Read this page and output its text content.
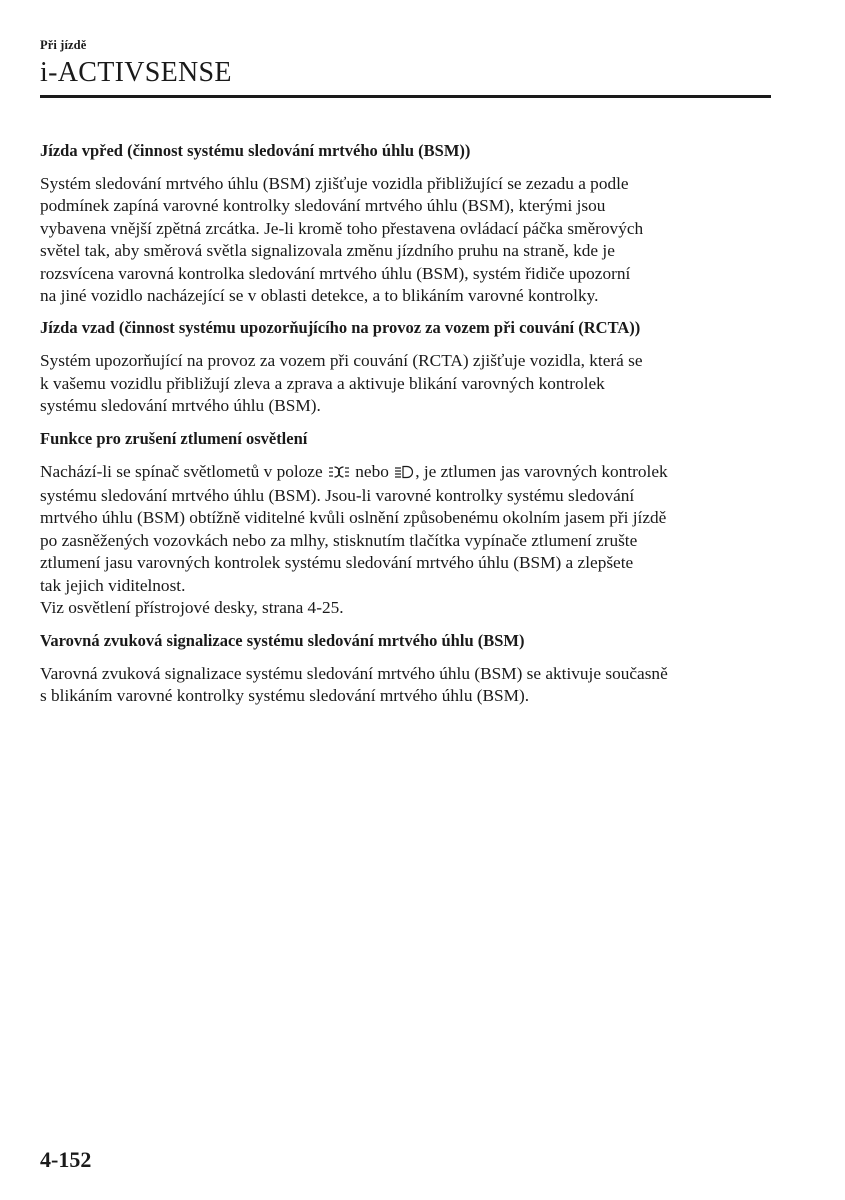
Při jízdě
i-ACTIVSENSE
Jízda vpřed (činnost systému sledování mrtvého úhlu (BSM))
Systém sledování mrtvého úhlu (BSM) zjišťuje vozidla přibližující se zezadu a podle
podmínek zapíná varovné kontrolky sledování mrtvého úhlu (BSM), kterými jsou
vybavena vnější zpětná zrcátka. Je-li kromě toho přestavena ovládací páčka směrových
světel tak, aby směrová světla signalizovala změnu jízdního pruhu na straně, kde je
rozsvícena varovná kontrolka sledování mrtvého úhlu (BSM), systém řidiče upozorní
na jiné vozidlo nacházející se v oblasti detekce, a to blikáním varovné kontrolky.
Jízda vzad (činnost systému upozorňujícího na provoz za vozem při couvání (RCTA))
Systém upozorňující na provoz za vozem při couvání (RCTA) zjišťuje vozidla, která se
k vašemu vozidlu přibližují zleva a zprava a aktivuje blikání varovných kontrolek
systému sledování mrtvého úhlu (BSM).
Funkce pro zrušení ztlumení osvětlení
Nachází-li se spínač světlometů v poloze  nebo , je ztlumen jas varovných kontrolek
systému sledování mrtvého úhlu (BSM). Jsou-li varovné kontrolky systému sledování
mrtvého úhlu (BSM) obtížně viditelné kvůli oslnění způsobenému okolním jasem při jízdě
po zasněžených vozovkách nebo za mlhy, stisknutím tlačítka vypínače ztlumení zrušte
ztlumení jasu varovných kontrolek systému sledování mrtvého úhlu (BSM) a zlepšete
tak jejich viditelnost.
Viz osvětlení přístrojové desky, strana 4-25.
Varovná zvuková signalizace systému sledování mrtvého úhlu (BSM)
Varovná zvuková signalizace systému sledování mrtvého úhlu (BSM) se aktivuje současně
s blikáním varovné kontrolky systému sledování mrtvého úhlu (BSM).
4-152
